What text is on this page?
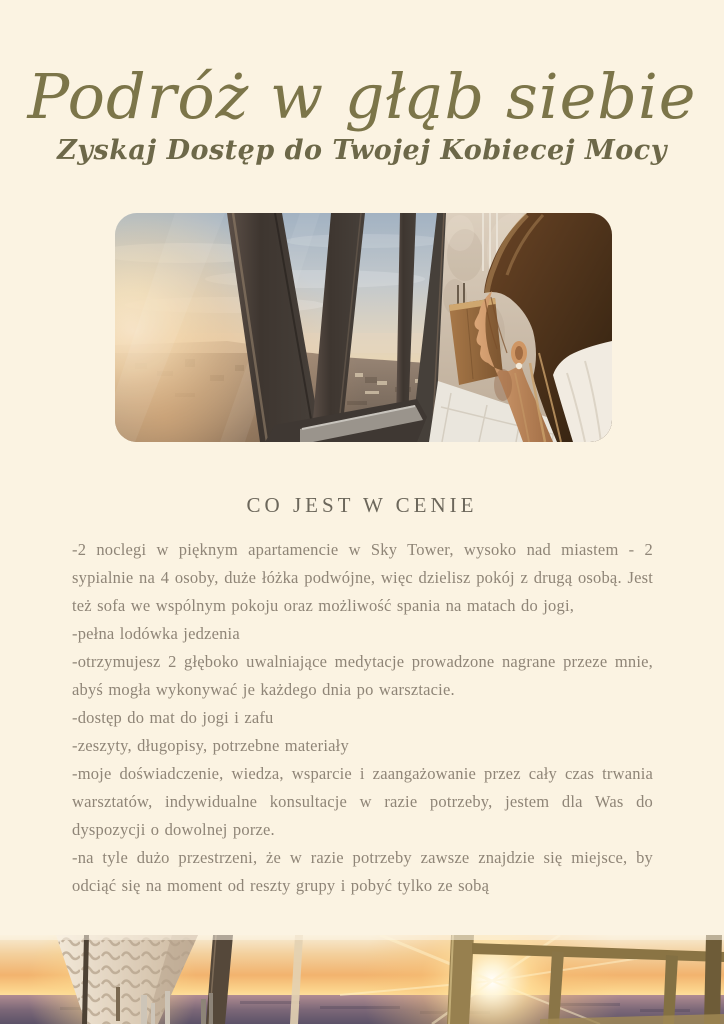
Podróż w głąb siebie
Zyskaj Dostęp do Twojej Kobiecej Mocy
CO JEST W CENIE

-2 noclegi w pięknym apartamencie w Sky Tower, wysoko nad miastem - 2 sypialnie na 4 osoby, duże łóżka podwójne, więc dzielisz pokój z drugą osobą. Jest też sofa we wspólnym pokoju oraz możliwość spania na matach do jogi,

-pełna lodówka jedzenia

-otrzymujesz 2 głęboko uwalniające medytacje prowadzone nagrane przeze mnie, abyś mogła wykonywać je każdego dnia po warsztacie.

-dostęp do mat do jogi i zafu

-zeszyty, długopisy, potrzebne materiały

-moje doświadczenie, wiedza, wsparcie i zaangażowanie przez cały czas trwania warsztatów, indywidualne konsultacje w razie potrzeby, jestem dla Was do dyspozycji o dowolnej porze.

-na tyle dużo przestrzeni, że w razie potrzeby zawsze znajdzie się miejsce, by odciąć się na moment od reszty grupy i pobyć tylko ze sobą
